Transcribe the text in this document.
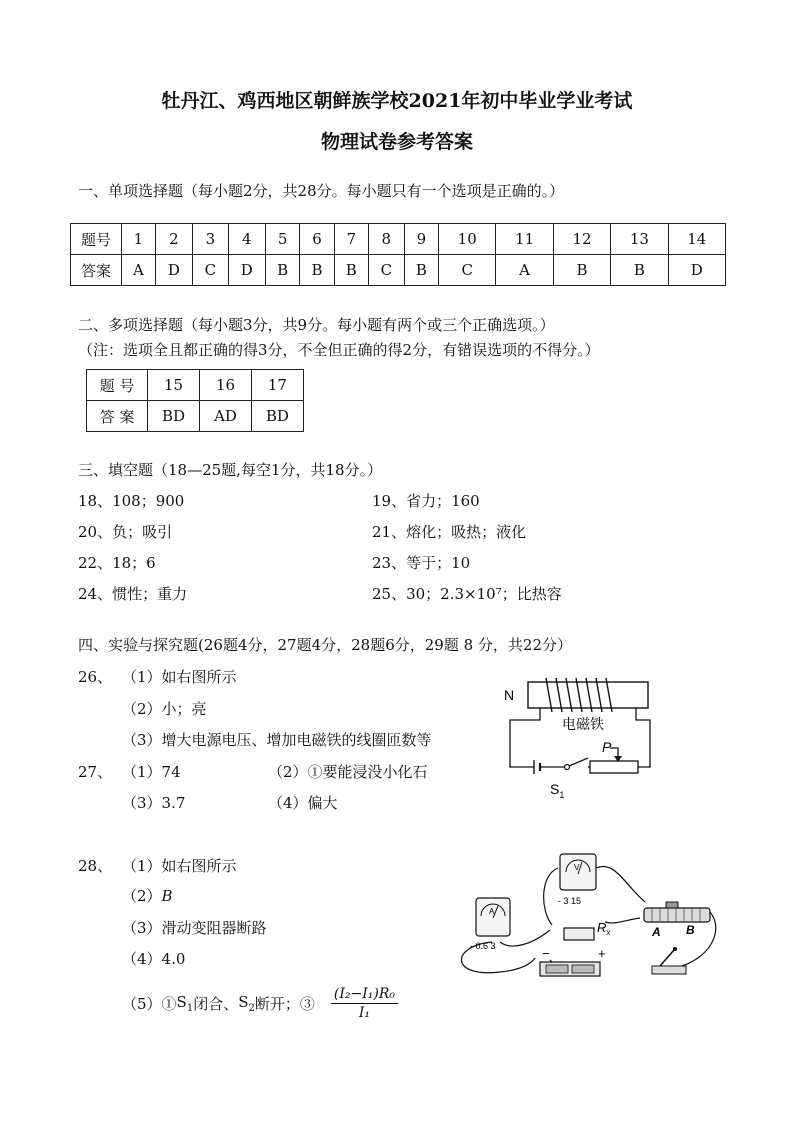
牡丹江、鸡西地区朝鲜族学校2021年初中毕业学业考试
物理试卷参考答案
一、单项选择题（每小题2分，共28分。每小题只有一个选项是正确的。）
题号	1	2	3	4	5	6	7	8	9	10	11	12	13	14
答案	A	D	C	D	B	B	B	C	B	C	A	B	B	D
二、多项选择题（每小题3分，共9分。每小题有两个或三个正确选项。）
（注：选项全且都正确的得3分，不全但正确的得2分，有错误选项的不得分。）
题 号	15	16	17
答 案	BD	AD	BD
三、填空题（18—25题,每空1分，共18分。）
18、108；900	19、省力；160
20、负；吸引	21、熔化；吸热；液化
22、18；6	23、等于；10
24、惯性；重力	25、30；2.3×10⁷；比热容
四、实验与探究题(26题4分，27题4分，28题6分，29题 8 分，共22分）
26、 （1）如右图所示
（2）小；亮
（3）增大电源电压、增加电磁铁的线圈匝数等
27、 （1）74	（2）①要能浸没小化石
（3）3.7	（4）偏大
28、 （1）如右图所示
（2）B
（3）滑动变阻器断路
（4）4.0
（5）① $S_1$ 闭合、 $S_2$ 断开；③ $\frac{\text{(I₂−I₁)R₀}}{\text{I₁}}$
N
电磁铁
P
$S_1$
A
- 0.6 3
V
- 3 15
$R_x$	A B
−	+
